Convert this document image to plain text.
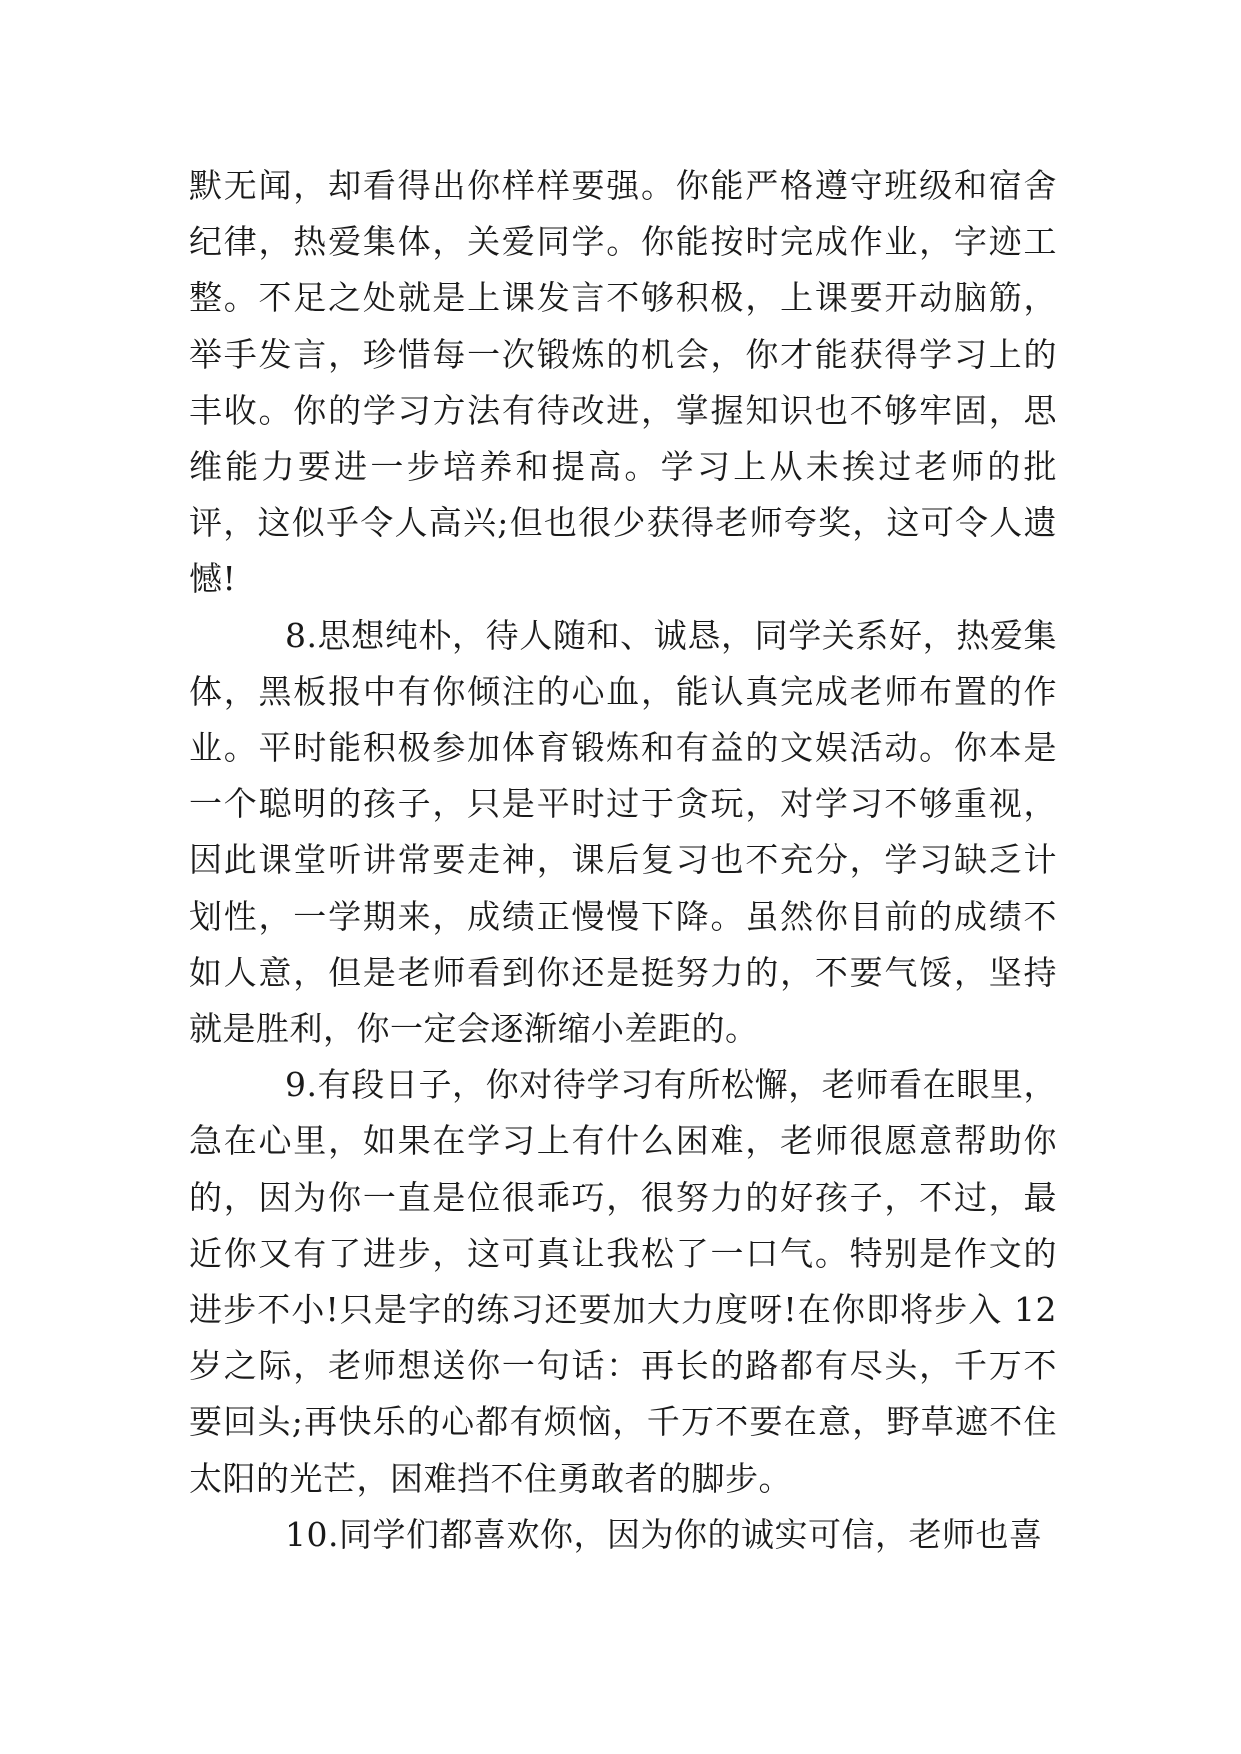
默无闻，却看得出你样样要强。你能严格遵守班级和宿舍纪律，热爱集体，关爱同学。你能按时完成作业，字迹工整。不足之处就是上课发言不够积极，上课要开动脑筋，举手发言，珍惜每一次锻炼的机会，你才能获得学习上的丰收。你的学习方法有待改进，掌握知识也不够牢固，思维能力要进一步培养和提高。学习上从未挨过老师的批评，这似乎令人高兴;但也很少获得老师夸奖，这可令人遗憾!

8.思想纯朴，待人随和、诚恳，同学关系好，热爱集体，黑板报中有你倾注的心血，能认真完成老师布置的作业。平时能积极参加体育锻炼和有益的文娱活动。你本是一个聪明的孩子，只是平时过于贪玩，对学习不够重视，因此课堂听讲常要走神，课后复习也不充分，学习缺乏计划性，一学期来，成绩正慢慢下降。虽然你目前的成绩不如人意，但是老师看到你还是挺努力的，不要气馁，坚持就是胜利，你一定会逐渐缩小差距的。

9.有段日子，你对待学习有所松懈，老师看在眼里，急在心里，如果在学习上有什么困难，老师很愿意帮助你的，因为你一直是位很乖巧，很努力的好孩子，不过，最近你又有了进步，这可真让我松了一口气。特别是作文的进步不小!只是字的练习还要加大力度呀!在你即将步入 12 岁之际，老师想送你一句话：再长的路都有尽头，千万不要回头;再快乐的心都有烦恼，千万不要在意，野草遮不住太阳的光芒，困难挡不住勇敢者的脚步。

10.同学们都喜欢你，因为你的诚实可信，老师也喜
